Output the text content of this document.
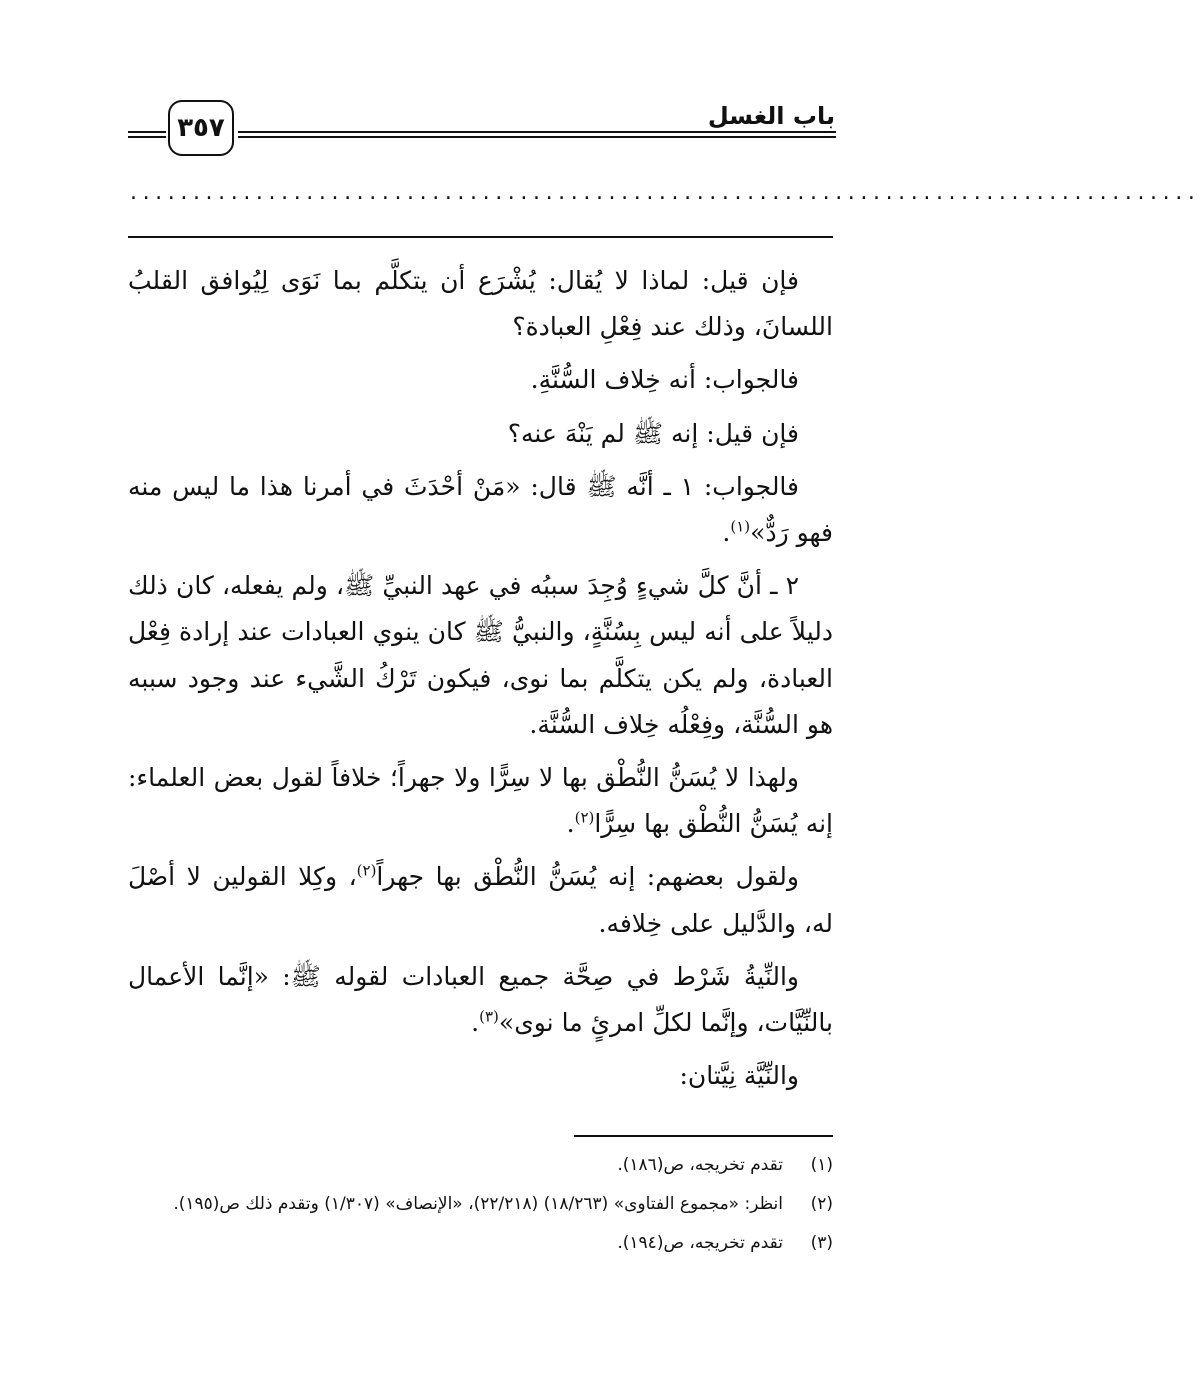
باب الغسل
٣٥٧
.....................................................................................

فإن قيل: لماذا لا يُقال: يُشْرَع أن يتكلَّم بما نَوَى لِيُوافق القلبُ اللسانَ، وذلك عند فِعْلِ العبادة؟

فالجواب: أنه خِلاف السُّنَّةِ.

فإن قيل: إنه ﷺ لم يَنْهَ عنه؟

فالجواب: ١ ـ أنَّه ﷺ قال: «مَنْ أحْدَثَ في أمرنا هذا ما ليس منه فهو رَدٌّ»$^{(١)}$.

٢ ـ أنَّ كلَّ شيءٍ وُجِدَ سببُه في عهد النبيِّ ﷺ، ولم يفعله، كان ذلك دليلاً على أنه ليس بِسُنَّةٍ، والنبيُّ ﷺ كان ينوي العبادات عند إرادة فِعْل العبادة، ولم يكن يتكلَّم بما نوى، فيكون تَرْكُ الشَّيء عند وجود سببه هو السُّنَّة، وفِعْلُه خِلاف السُّنَّة.

ولهذا لا يُسَنُّ النُّطْق بها لا سِرًّا ولا جهراً؛ خلافاً لقول بعض العلماء: إنه يُسَنُّ النُّطْق بها سِرًّا$^{(٢)}$.

ولقول بعضهم: إنه يُسَنُّ النُّطْق بها جهراً$^{(٢)}$، وكِلا القولين لا أصْلَ له، والدَّليل على خِلافه.

والنِّيةُ شَرْط في صِحَّة جميع العبادات لقوله ﷺ: «إنَّما الأعمال بالنِّيَّات، وإنَّما لكلِّ امرئٍ ما نوى»$^{(٣)}$.

والنِّيَّة نِيَّتان:

(١)
تقدم تخريجه، ص(١٨٦).
(٢)
انظر: «مجموع الفتاوى» (١٨/٢٦٣) (٢٢/٢١٨)، «الإنصاف» (١/٣٠٧) وتقدم ذلك ص(١٩٥).
(٣)
تقدم تخريجه، ص(١٩٤).
